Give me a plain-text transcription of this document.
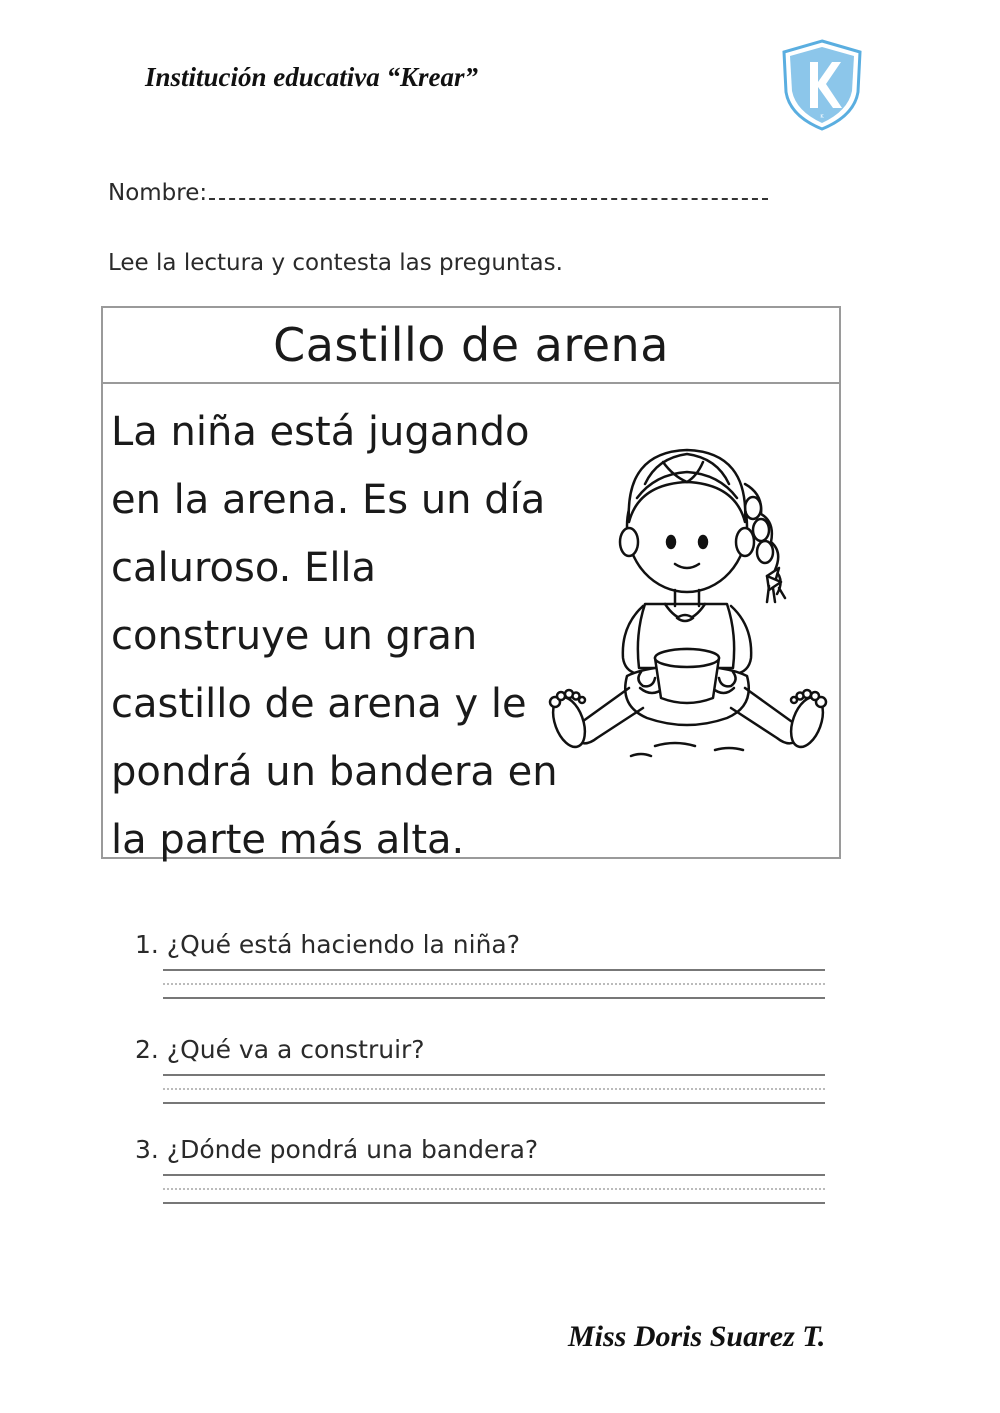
Institución educativa “Krear”
K
Nombre:
Lee la lectura y contesta las preguntas.
Castillo de arena
La niña está jugando
en la arena. Es un día
caluroso. Ella
construye un gran
castillo de arena y le
pondrá un bandera en
la parte más alta.
1. ¿Qué está haciendo la niña?
2. ¿Qué va a construir?
3. ¿Dónde pondrá una bandera?
Miss Doris Suarez T.
